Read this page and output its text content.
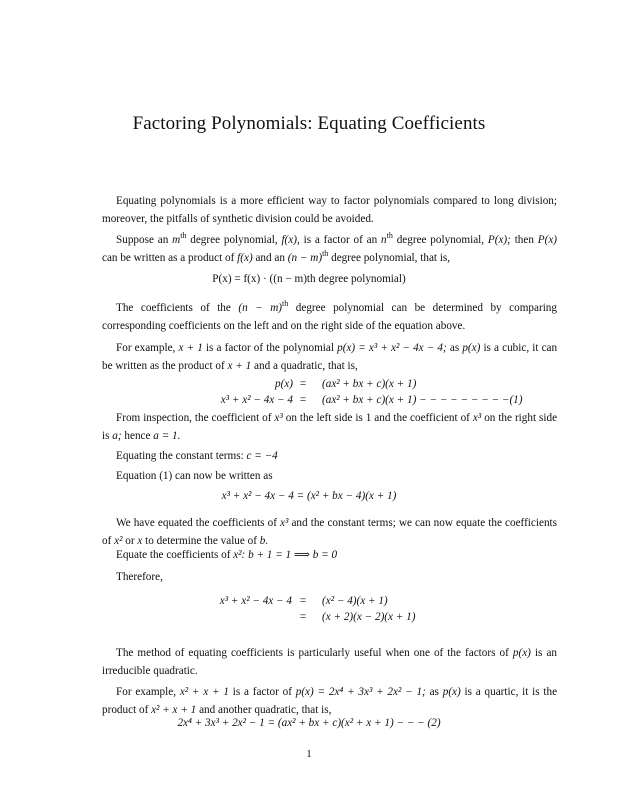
Factoring Polynomials: Equating Coefficients
Equating polynomials is a more efficient way to factor polynomials compared to long division; moreover, the pitfalls of synthetic division could be avoided.
Suppose an $m^{th}$ degree polynomial, f(x), is a factor of an $n^{th}$ degree polynomial, P(x); then P(x) can be written as a product of f(x) and an $(n - m)^{th}$ degree polynomial, that is,
P(x) = f(x) · ((n − m)th degree polynomial)
The coefficients of the $(n - m)^{th}$ degree polynomial can be determined by comparing corresponding coefficients on the left and on the right side of the equation above.
For example, x + 1 is a factor of the polynomial p(x) = x³ + x² − 4x − 4; as p(x) is a cubic, it can be written as the product of x + 1 and a quadratic, that is,
p(x) =	(ax² + bx + c)(x + 1)
x³ + x² − 4x − 4 =	(ax² + bx + c)(x + 1) − − − − − − − − −(1)
From inspection, the coefficient of x³ on the left side is 1 and the coefficient of x³ on the right side is a; hence a = 1.
Equating the constant terms: c = −4
Equation (1) can now be written as
x³ + x² − 4x − 4 = (x² + bx − 4)(x + 1)
We have equated the coefficients of x³ and the constant terms; we can now equate the coefficients of x² or x to determine the value of b.
Equate the coefficients of x²: b + 1 = 1 ⟹ b = 0
Therefore,
x³ + x² − 4x − 4 =	(x² − 4)(x + 1)
=	(x + 2)(x − 2)(x + 1)
The method of equating coefficients is particularly useful when one of the factors of p(x) is an irreducible quadratic.
For example, x² + x + 1 is a factor of p(x) = 2x⁴ + 3x³ + 2x² − 1; as p(x) is a quartic, it is the product of x² + x + 1 and another quadratic, that is,
2x⁴ + 3x³ + 2x² − 1 = (ax² + bx + c)(x² + x + 1) − − − (2)
1
